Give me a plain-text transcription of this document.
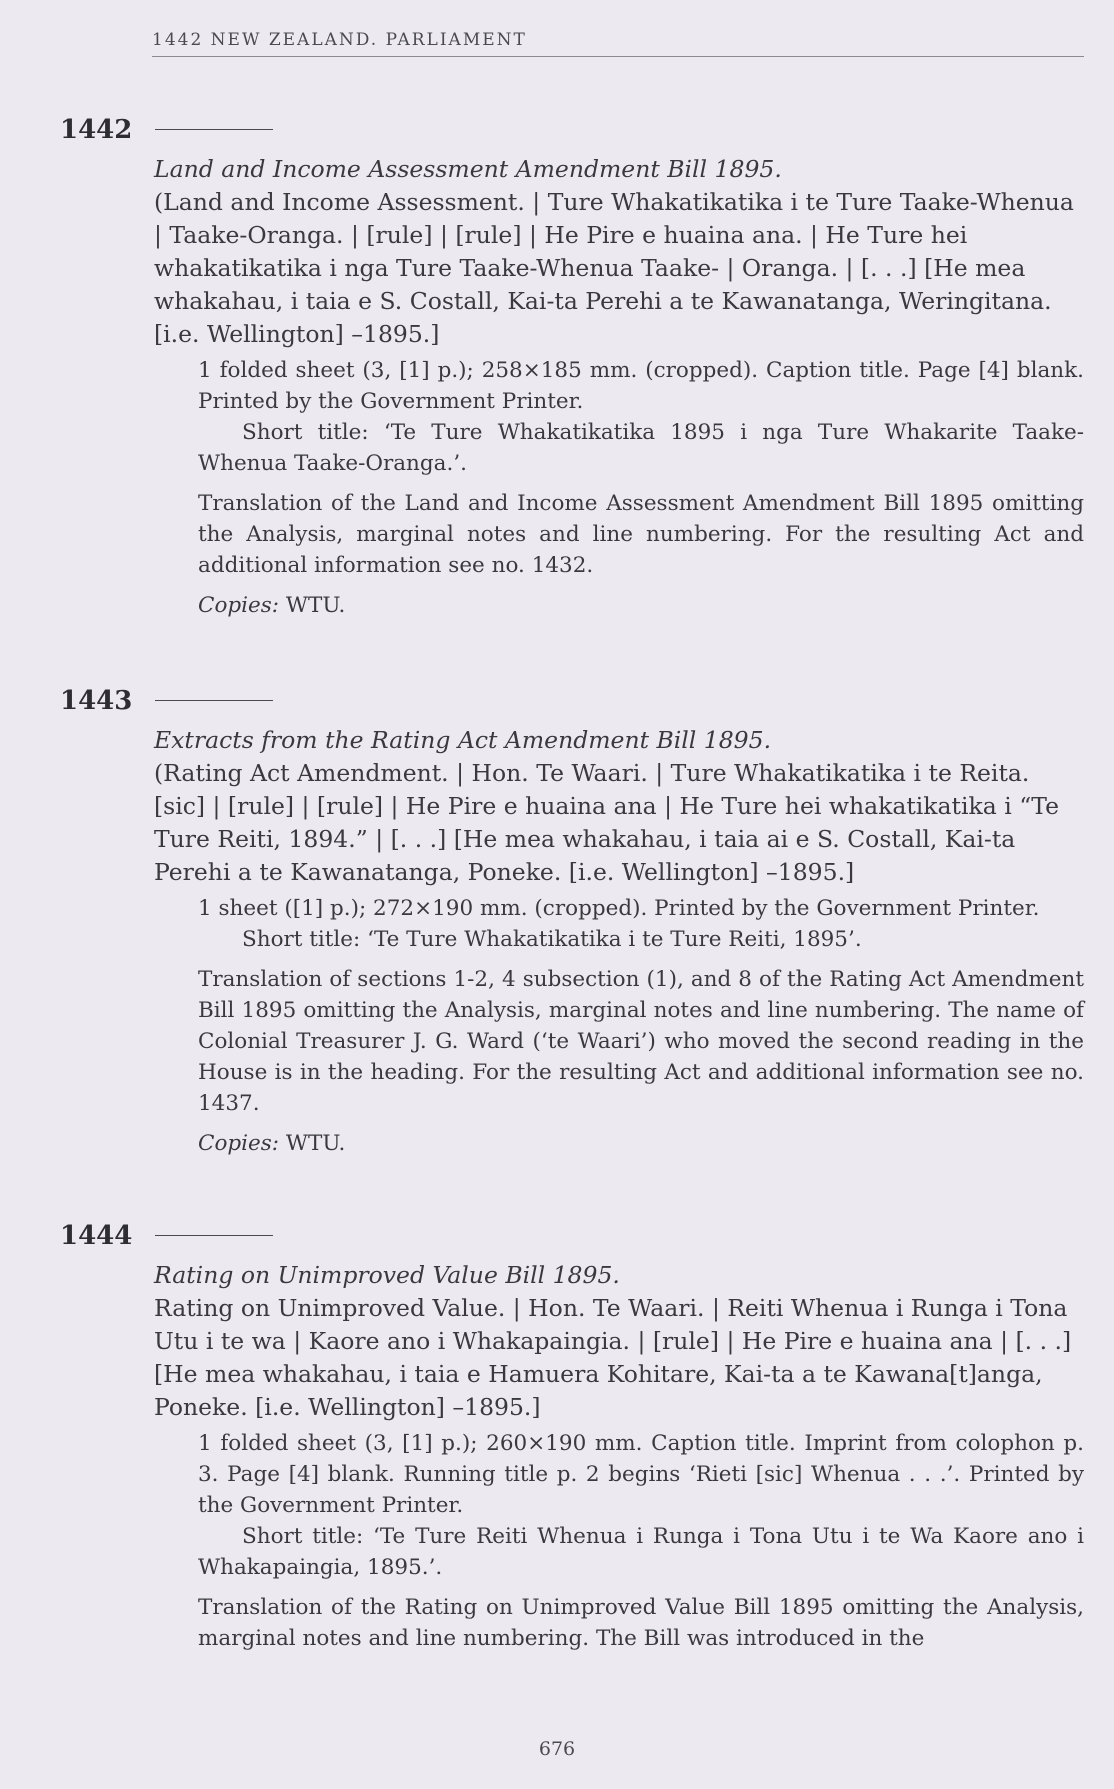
1442 NEW ZEALAND. PARLIAMENT
1442
Land and Income Assessment Amendment Bill 1895.

(Land and Income Assessment. | Ture Whakatikatika i te Ture Taake-Whenua | Taake-Oranga. | [rule] | [rule] | He Pire e huaina ana. | He Ture hei whakatikatika i nga Ture Taake-Whenua Taake- | Oranga. | [. . .] [He mea whakahau, i taia e S. Costall, Kai-ta Perehi a te Kawanatanga, Weringitana. [i.e. Wellington] –1895.]

1 folded sheet (3, [1] p.); 258×185 mm. (cropped). Caption title. Page [4] blank. Printed by the Government Printer.

Short title: ‘Te Ture Whakatikatika 1895 i nga Ture Whakarite Taake-Whenua Taake-Oranga.’.

Translation of the Land and Income Assessment Amendment Bill 1895 omitting the Analysis, marginal notes and line numbering. For the resulting Act and additional information see no. 1432.

Copies: WTU.

1443
Extracts from the Rating Act Amendment Bill 1895.

(Rating Act Amendment. | Hon. Te Waari. | Ture Whakatikatika i te Reita. [sic] | [rule] | [rule] | He Pire e huaina ana | He Ture hei whakatikatika i “Te Ture Reiti, 1894.” | [. . .] [He mea whakahau, i taia ai e S. Costall, Kai-ta Perehi a te Kawanatanga, Poneke. [i.e. Wellington] –1895.]

1 sheet ([1] p.); 272×190 mm. (cropped). Printed by the Government Printer.

Short title: ‘Te Ture Whakatikatika i te Ture Reiti, 1895’.

Translation of sections 1-2, 4 subsection (1), and 8 of the Rating Act Amendment Bill 1895 omitting the Analysis, marginal notes and line numbering. The name of Colonial Treasurer J. G. Ward (‘te Waari’) who moved the second reading in the House is in the heading. For the resulting Act and additional information see no. 1437.

Copies: WTU.

1444
Rating on Unimproved Value Bill 1895.

Rating on Unimproved Value. | Hon. Te Waari. | Reiti Whenua i Runga i Tona Utu i te wa | Kaore ano i Whakapaingia. | [rule] | He Pire e huaina ana | [. . .] [He mea whakahau, i taia e Hamuera Kohitare, Kai-ta a te Kawana[t]anga, Poneke. [i.e. Wellington] –1895.]

1 folded sheet (3, [1] p.); 260×190 mm. Caption title. Imprint from colophon p. 3. Page [4] blank. Running title p. 2 begins ‘Rieti [sic] Whenua . . .’. Printed by the Government Printer.

Short title: ‘Te Ture Reiti Whenua i Runga i Tona Utu i te Wa Kaore ano i Whakapaingia, 1895.’.

Translation of the Rating on Unimproved Value Bill 1895 omitting the Analysis, marginal notes and line numbering. The Bill was introduced in the

676
